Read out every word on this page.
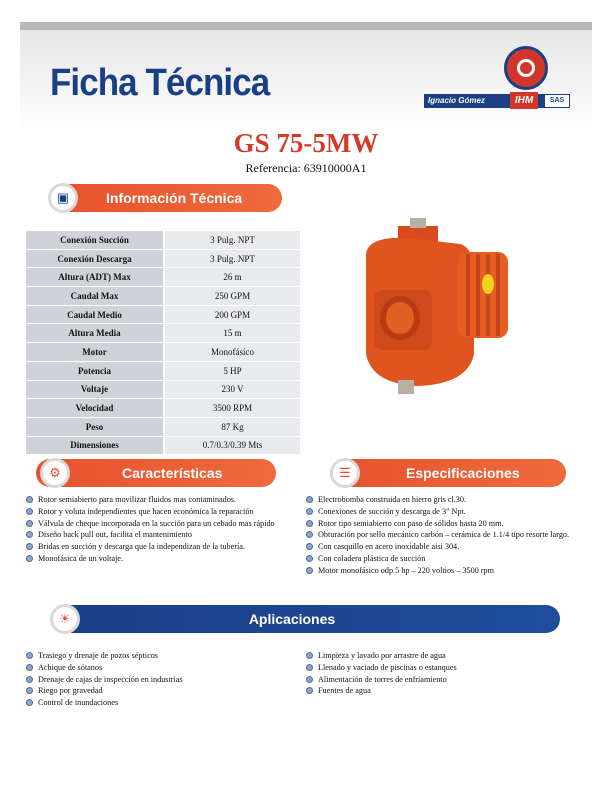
Ficha Técnica	Ignacio Gómez	IHM	SAS
GS 75-5MW
Referencia: 63910000A1
Información Técnica
▣
Conexión Succión	3 Pulg. NPT
Conexión Descarga	3 Pulg. NPT
Altura (ADT) Max	26 m
Caudal Max	250 GPM
Caudal Medio	200 GPM
Altura Media	15 m
Motor	Monofásico
Potencia	5 HP
Voltaje	230 V
Velocidad	3500 RPM
Peso	87 Kg
Dimensiones	0.7/0.3/0.39 Mts
Características
⚙	Especificaciones
☰
Rotor semiabierto para movilizar fluidos mas contaminados.
Rotor y voluta independientes que hacen económica la reparación
Válvula de cheque incorporada en la succión para un cebado mas rápido
Diseño back pull out, facilita el mantenimiento
Bridas en succión y descarga que la independizan de la tubería.
Monofásica de un voltaje.
Electrobomba construida en hierro gris cl.30.
Conexiones de succión y descarga de 3" Npt.
Rotor tipo semiabierto con paso de sólidos hasta 20 mm.
Obturación por sello mecánico carbón – cerámica de 1.1/4 tipo resorte largo.
Con casquillo en acero inoxidable aisi 304.
Con coladera plástica de succión
Motor monofásico odp 5 hp – 220 voltios – 3500 rpm
Aplicaciones
☀
Trasiego y drenaje de pozos sépticos
Achique de sótanos
Drenaje de cajas de inspección en industrias
Riego por gravedad
Control de inundaciones
Limpieza y lavado por arrastre de agua
Llenado y vaciado de piscinas o estanques
Alimentación de torres de enfriamiento
Fuentes de agua
